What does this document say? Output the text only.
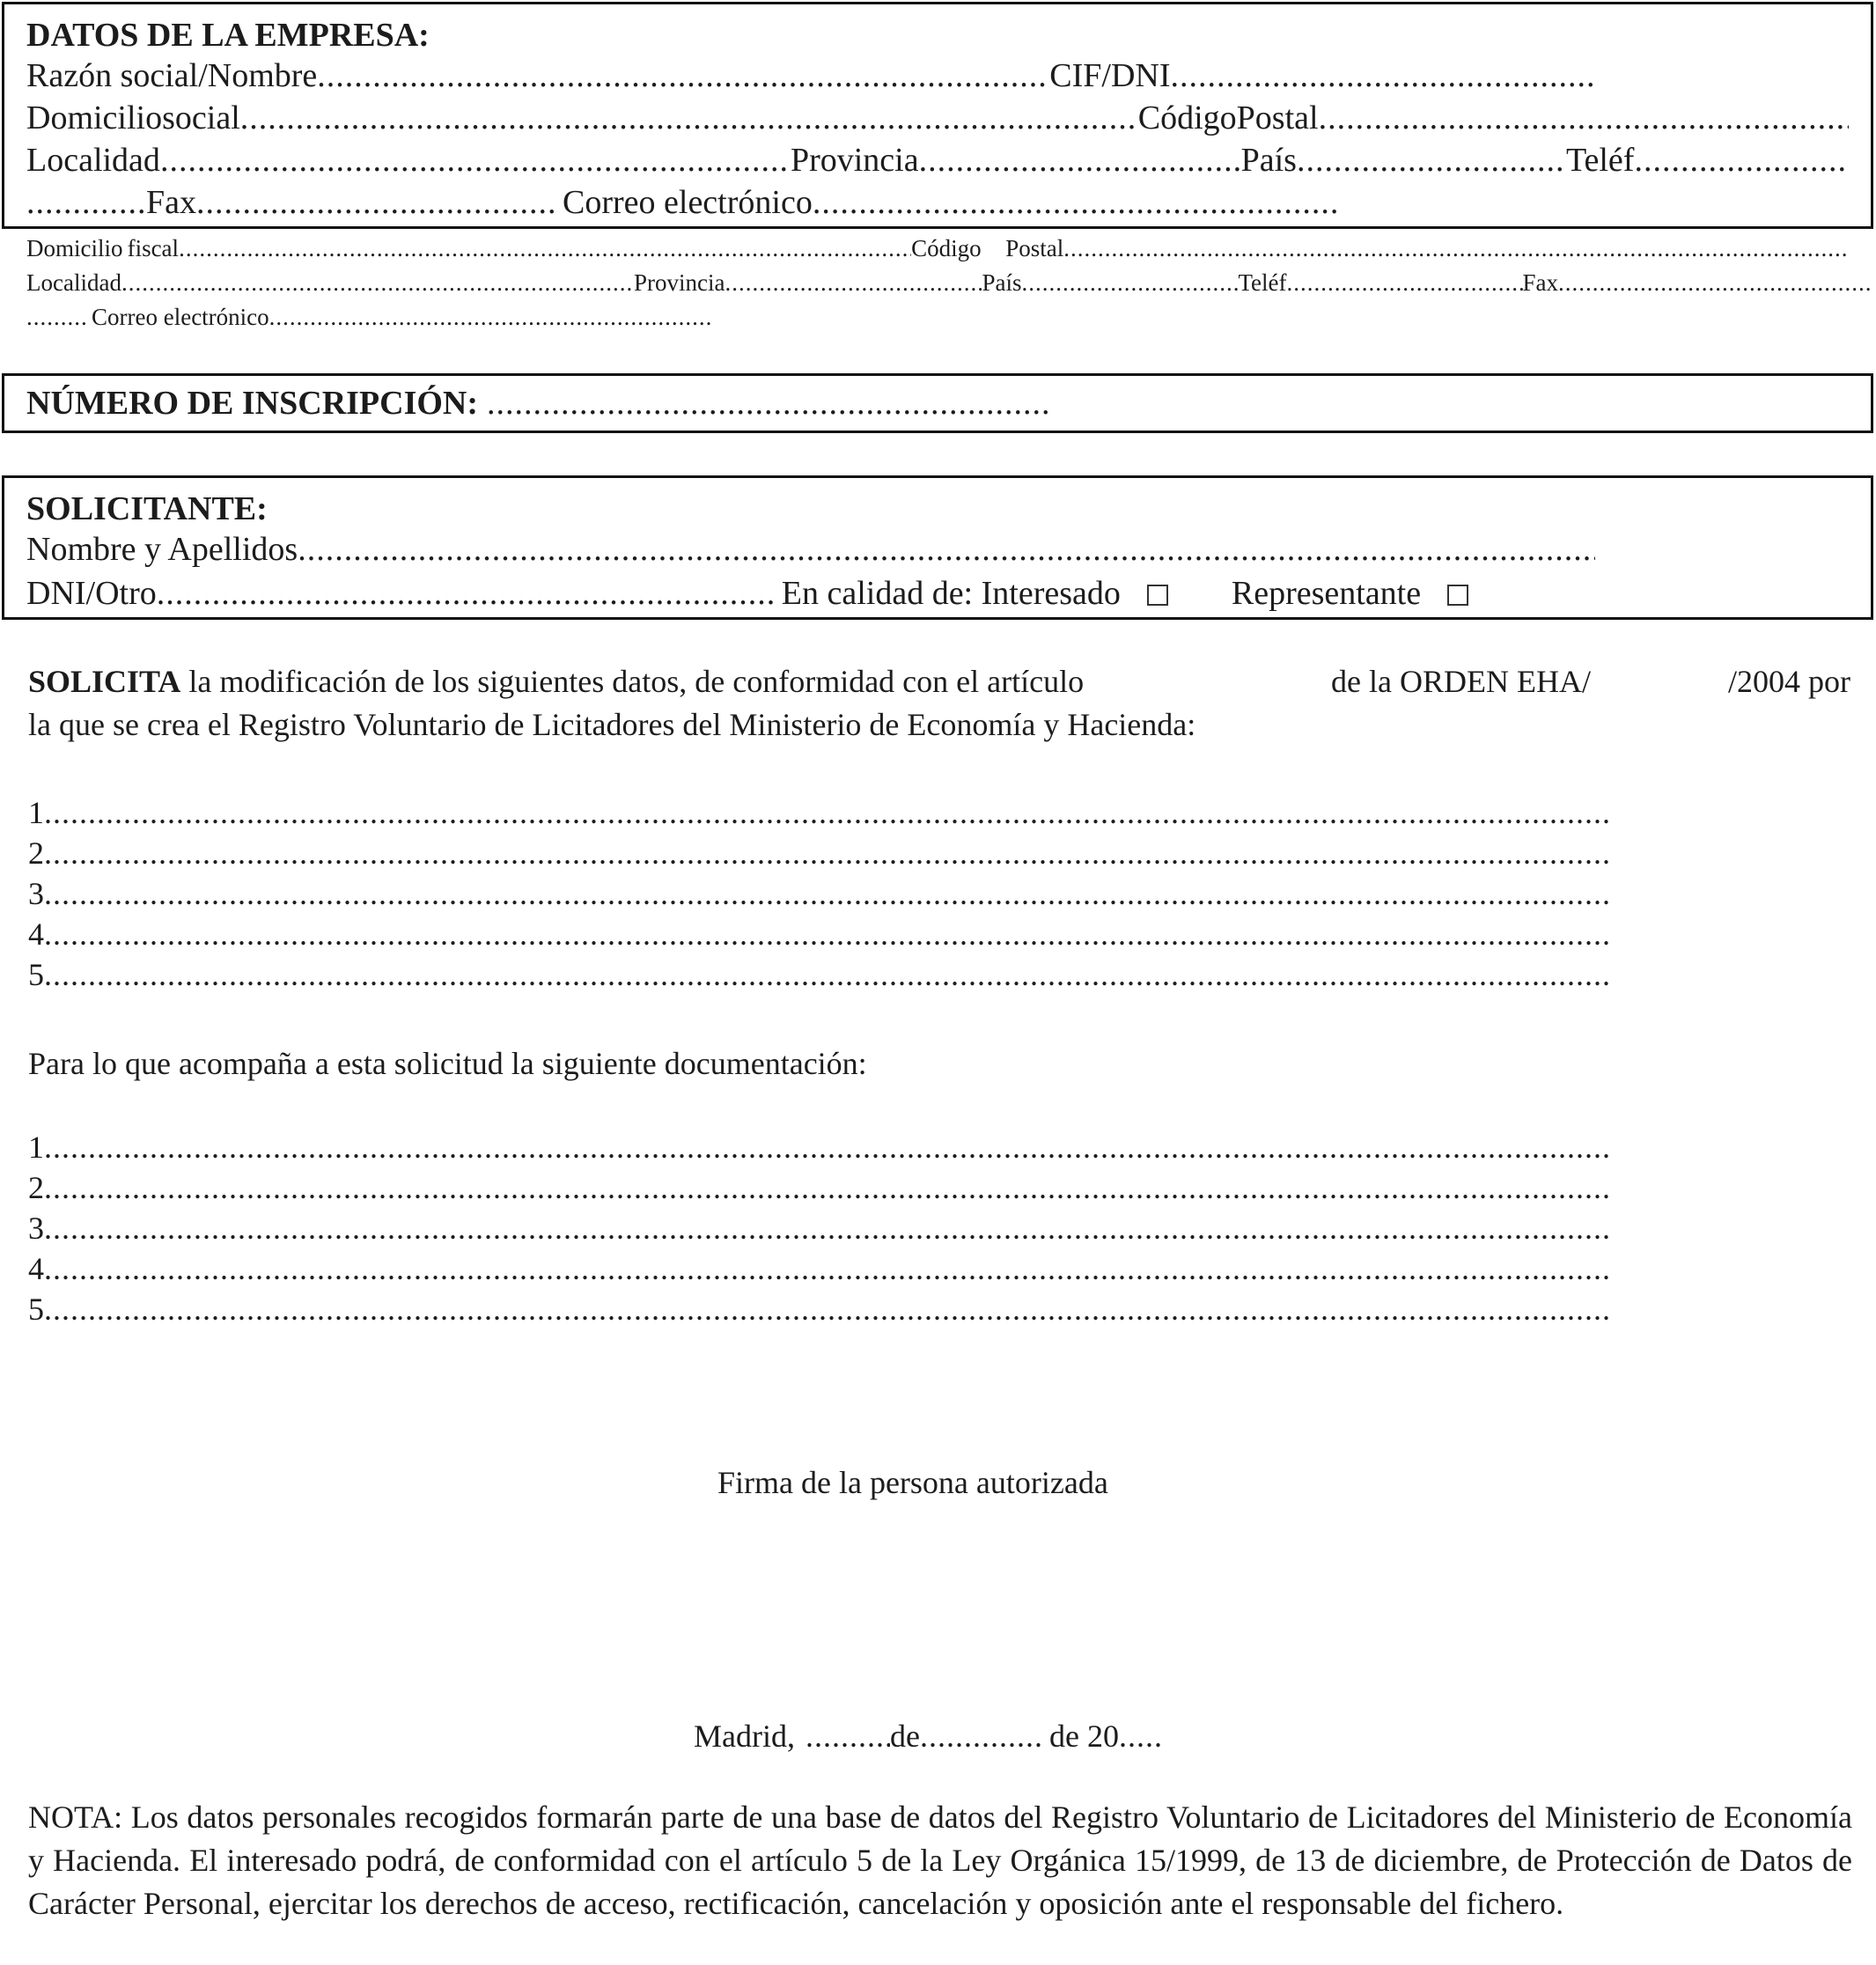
DATOS DE LA EMPRESA:
Razón social/Nombre .....	CIF/DNI
.....
Domicilio social .....	Código Postal
.....
Localidad .....	Provincia .....	País .....	Teléf
.....
.....
Fax .....	Correo electrónico
.....
Domicilio fiscal .....	Código	Postal
.....
Localidad .....	Provincia .....	País .....	Teléf .....	Fax
.....
.....
Correo electrónico
.....
NÚMERO DE INSCRIPCIÓN:
.....
SOLICITANTE:
Nombre y Apellidos
.....
DNI/Otro .....	En calidad de: Interesado	Representante
SOLICITA la modificación de los siguientes datos, de conformidad con el artículo	de la ORDEN EHA/	/2004 por
la que se crea el Registro Voluntario de Licitadores del Ministerio de Economía y Hacienda:
1
.....
2
.....
3
.....
4
.....
5
.....
Para lo que acompaña a esta solicitud la siguiente documentación:
1
.....
2
.....
3
.....
4
.....
5
.....
Firma de la persona autorizada
Madrid, .....	de .....	de 20
.....
NOTA: Los datos personales recogidos formarán parte de una base de datos del Registro Voluntario de Licitadores del Ministerio de Economía y Hacienda. El interesado podrá, de conformidad con el artículo 5 de la Ley Orgánica 15/1999, de 13 de diciembre, de Protección de Datos de Carácter Personal, ejercitar los derechos de acceso, rectificación, cancelación y oposición ante el responsable del fichero.
